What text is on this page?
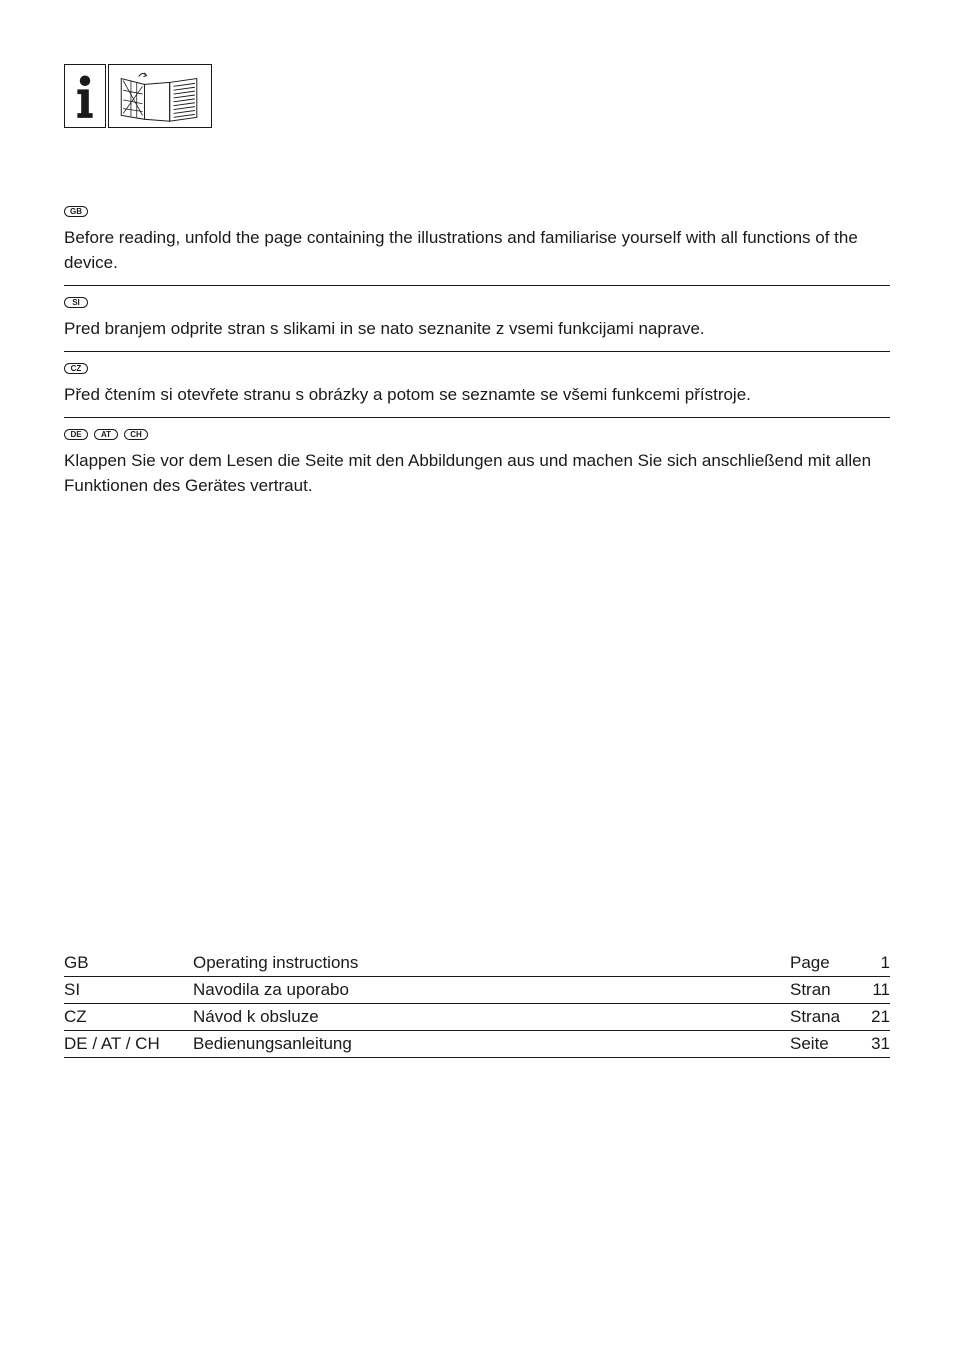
GB

Before reading, unfold the page containing the illustrations and familiarise yourself with all functions of the device.

SI

Pred branjem odprite stran s slikami in se nato seznanite z vsemi funkcijami naprave.

CZ

Před čtením si otevřete stranu s obrázky a potom se seznamte se všemi funkcemi přístroje.

DE	AT	CH

Klappen Sie vor dem Lesen die Seite mit den Abbildungen aus und machen Sie sich anschließend mit allen Funktionen des Gerätes vertraut.

GB	Operating instructions	Page	1
SI	Navodila za uporabo	Stran	11
CZ	Návod k obsluze	Strana	21
DE / AT / CH	Bedienungsanleitung	Seite	31
